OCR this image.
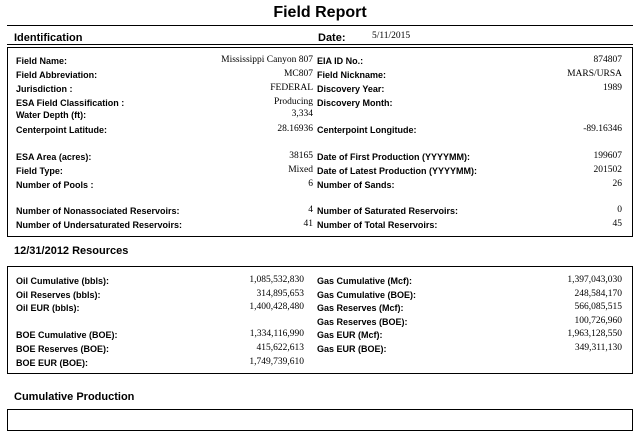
Field Report
Identification	Date:	5/11/2015
Field Name:	Mississippi Canyon 807
Field Abbreviation:	MC807
Jurisdiction :	FEDERAL
ESA Field Classification :	Producing
Water Depth (ft):	3,334
Centerpoint Latitude:	28.16936
ESA Area (acres):	38165
Field Type:	Mixed
Number of Pools :	6
Number of Nonassociated Reservoirs:	4
Number of Undersaturated Reservoirs:	41
EIA ID No.:	874807
Field Nickname:	MARS/URSA
Discovery Year:	1989
Discovery Month:
Centerpoint Longitude:	-89.16346
Date of First Production (YYYYMM):	199607
Date of Latest Production (YYYYMM):	201502
Number of Sands:	26
Number of Saturated Reservoirs:	0
Number of Total Reservoirs:	45
12/31/2012 Resources
Oil Cumulative (bbls):	1,085,532,830
Oil Reserves (bbls):	314,895,653
Oil EUR (bbls):	1,400,428,480
BOE Cumulative (BOE):	1,334,116,990
BOE Reserves (BOE):	415,622,613
BOE EUR (BOE):	1,749,739,610
Gas Cumulative (Mcf):	1,397,043,030
Gas Cumulative (BOE):	248,584,170
Gas Reserves (Mcf):	566,085,515
Gas Reserves (BOE):	100,726,960
Gas EUR (Mcf):	1,963,128,550
Gas EUR (BOE):	349,311,130
Cumulative Production
